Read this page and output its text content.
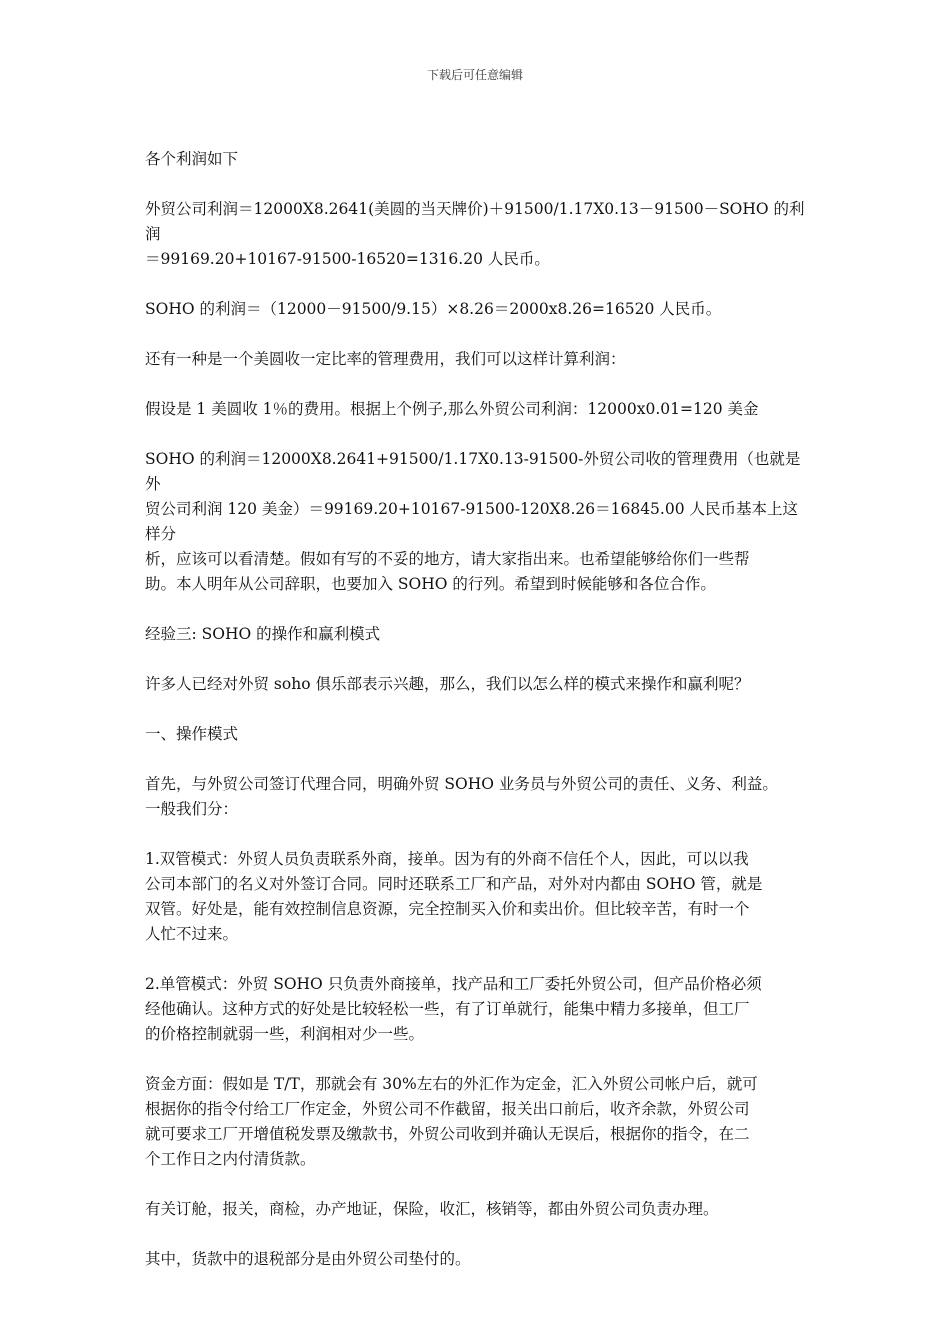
下载后可任意编辑

各个利润如下

外贸公司利润＝12000X8.2641(美圆的当天牌价)＋91500/1.17X0.13－91500－SOHO 的利润
＝99169.20+10167-91500-16520=1316.20 人民币。

SOHO 的利润＝（12000－91500/9.15）×8.26＝2000x8.26=16520 人民币。

还有一种是一个美圆收一定比率的管理费用，我们可以这样计算利润：

假设是 1 美圆收 1％的费用。根据上个例子,那么外贸公司利润：12000x0.01=120 美金

SOHO 的利润＝12000X8.2641+91500/1.17X0.13-91500-外贸公司收的管理费用（也就是外
贸公司利润 120 美金）＝99169.20+10167-91500-120X8.26＝16845.00 人民币基本上这样分
析，应该可以看清楚。假如有写的不妥的地方，请大家指出来。也希望能够给你们一些帮
助。本人明年从公司辞职，也要加入 SOHO 的行列。希望到时候能够和各位合作。

经验三: SOHO 的操作和赢利模式

许多人已经对外贸 soho 俱乐部表示兴趣，那么，我们以怎么样的模式来操作和赢利呢？

一、操作模式

首先，与外贸公司签订代理合同，明确外贸 SOHO 业务员与外贸公司的责任、义务、利益。
一般我们分：

1.双管模式：外贸人员负责联系外商，接单。因为有的外商不信任个人，因此，可以以我
公司本部门的名义对外签订合同。同时还联系工厂和产品，对外对内都由 SOHO 管，就是
双管。好处是，能有效控制信息资源，完全控制买入价和卖出价。但比较辛苦，有时一个
人忙不过来。

2.单管模式：外贸 SOHO 只负责外商接单，找产品和工厂委托外贸公司，但产品价格必须
经他确认。这种方式的好处是比较轻松一些，有了订单就行，能集中精力多接单，但工厂
的价格控制就弱一些，利润相对少一些。

资金方面：假如是 T/T，那就会有 30%左右的外汇作为定金，汇入外贸公司帐户后，就可
根据你的指令付给工厂作定金，外贸公司不作截留，报关出口前后，收齐余款，外贸公司
就可要求工厂开增值税发票及缴款书，外贸公司收到并确认无误后，根据你的指令，在二
个工作日之内付清货款。

有关订舱，报关，商检，办产地证，保险，收汇，核销等，都由外贸公司负责办理。

其中，货款中的退税部分是由外贸公司垫付的。
